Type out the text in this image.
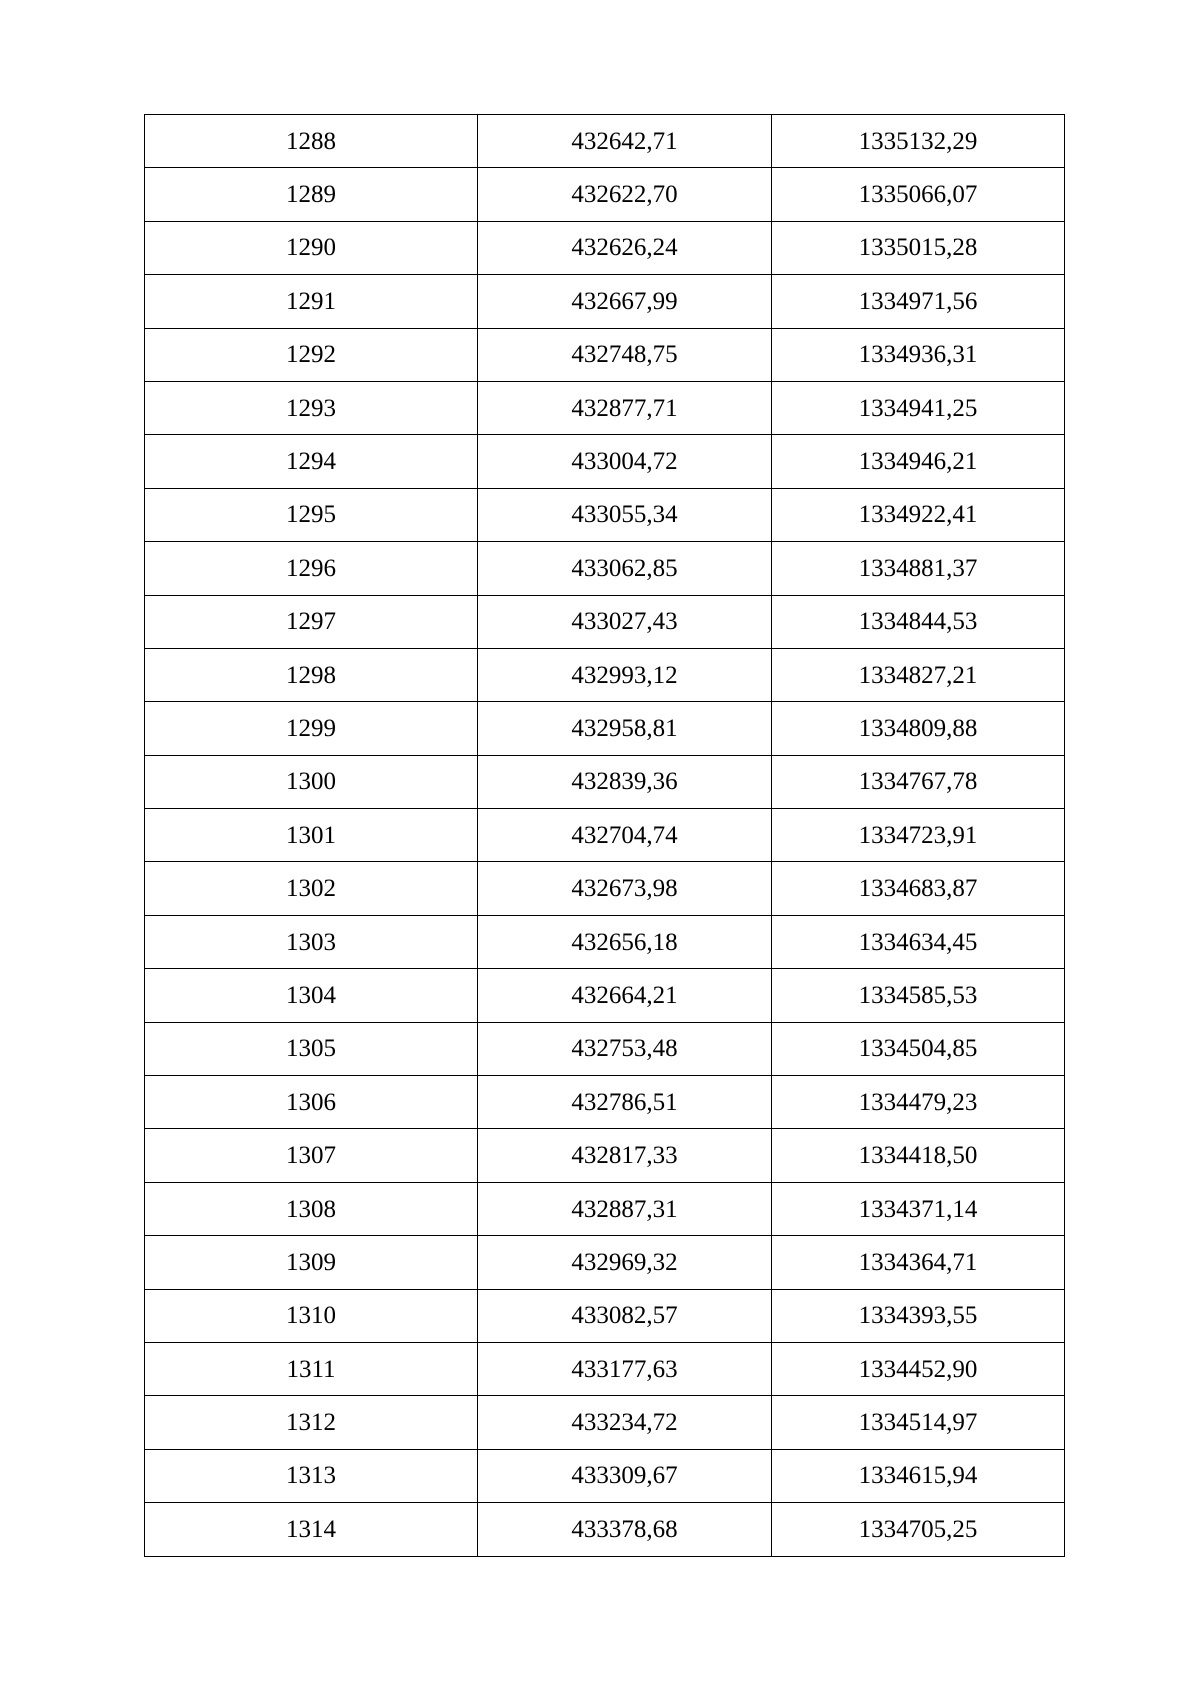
1288	432642,71	1335132,29
1289	432622,70	1335066,07
1290	432626,24	1335015,28
1291	432667,99	1334971,56
1292	432748,75	1334936,31
1293	432877,71	1334941,25
1294	433004,72	1334946,21
1295	433055,34	1334922,41
1296	433062,85	1334881,37
1297	433027,43	1334844,53
1298	432993,12	1334827,21
1299	432958,81	1334809,88
1300	432839,36	1334767,78
1301	432704,74	1334723,91
1302	432673,98	1334683,87
1303	432656,18	1334634,45
1304	432664,21	1334585,53
1305	432753,48	1334504,85
1306	432786,51	1334479,23
1307	432817,33	1334418,50
1308	432887,31	1334371,14
1309	432969,32	1334364,71
1310	433082,57	1334393,55
1311	433177,63	1334452,90
1312	433234,72	1334514,97
1313	433309,67	1334615,94
1314	433378,68	1334705,25
